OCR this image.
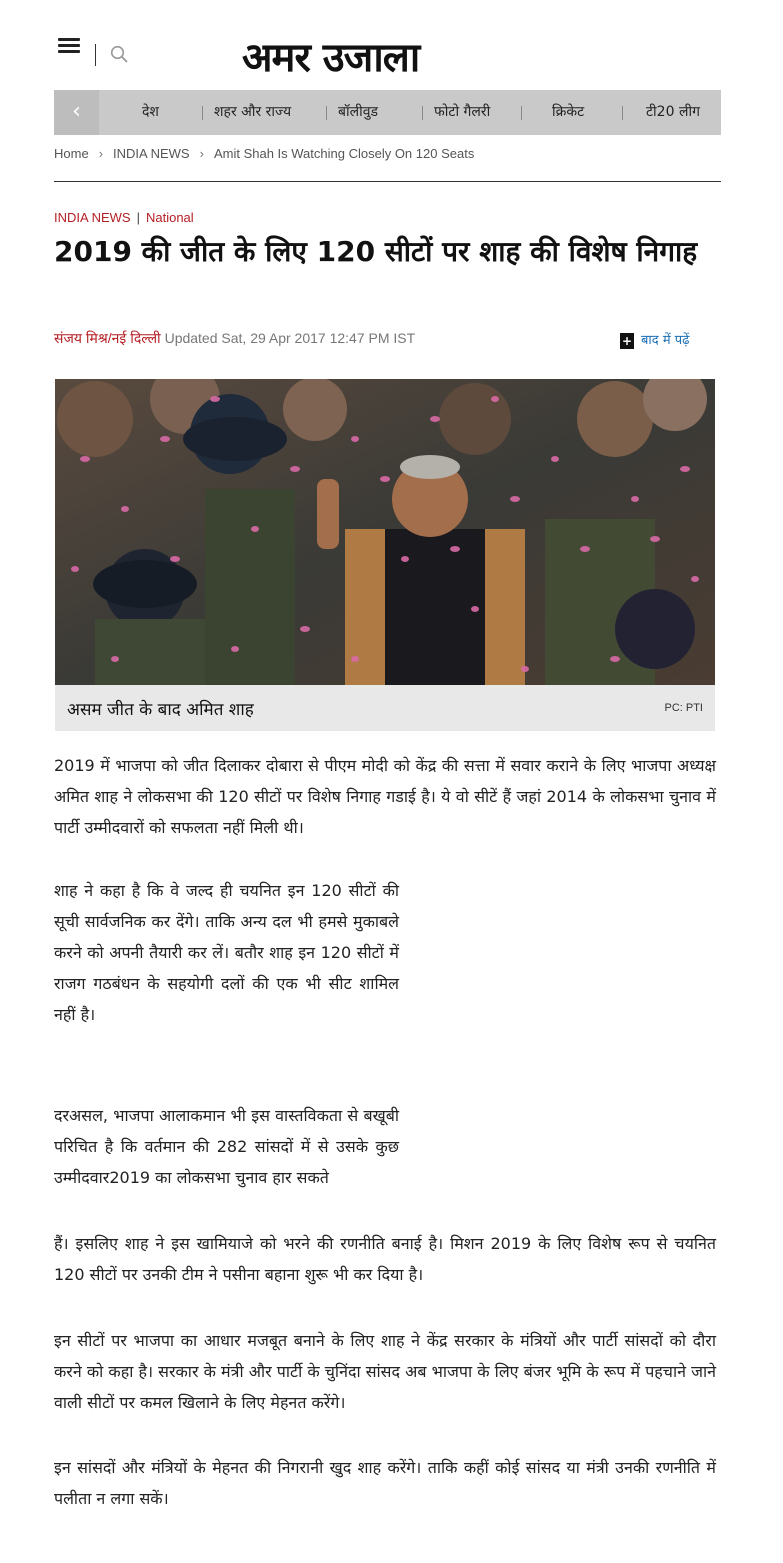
अमर उजाला
‹	देश	शहर और राज्य	बॉलीवुड	फोटो गैलरी	क्रिकेट	टी20 लीग
Home › INDIA NEWS › Amit Shah Is Watching Closely On 120 Seats
INDIA NEWS | National
2019 की जीत के लिए 120 सीटों पर शाह की विशेष निगाह
संजय मिश्र/नई दिल्ली Updated Sat, 29 Apr 2017 12:47 PM IST	+ बाद में पढ़ें
असम जीत के बाद अमित शाह	PC: PTI

2019 में भाजपा को जीत दिलाकर दोबारा से पीएम मोदी को केंद्र की सत्ता में सवार कराने के लिए भाजपा अध्यक्ष अमित शाह ने लोकसभा की 120 सीटों पर विशेष निगाह गडाई है। ये वो सीटें हैं जहां 2014 के लोकसभा चुनाव में पार्टी उम्मीदवारों को सफलता नहीं मिली थी।

शाह ने कहा है कि वे जल्द ही चयनित इन 120 सीटों की सूची सार्वजनिक कर देंगे। ताकि अन्य दल भी हमसे मुकाबले करने को अपनी तैयारी कर लें। बतौर शाह इन 120 सीटों में राजग गठबंधन के सहयोगी दलों की एक भी सीट शामिल नहीं है।

दरअसल, भाजपा आलाकमान भी इस वास्तविकता से बखूबी परिचित है कि वर्तमान की 282 सांसदों में से उसके कुछ उम्मीदवार2019 का लोकसभा चुनाव हार सकते

हैं। इसलिए शाह ने इस खामियाजे को भरने की रणनीति बनाई है। मिशन 2019 के लिए विशेष रूप से चयनित 120 सीटों पर उनकी टीम ने पसीना बहाना शुरू भी कर दिया है।

इन सीटों पर भाजपा का आधार मजबूत बनाने के लिए शाह ने केंद्र सरकार के मंत्रियों और पार्टी सांसदों को दौरा करने को कहा है। सरकार के मंत्री और पार्टी के चुनिंदा सांसद अब भाजपा के लिए बंजर भूमि के रूप में पहचाने जाने वाली सीटों पर कमल खिलाने के लिए मेहनत करेंगे।

इन सांसदों और मंत्रियों के मेहनत की निगरानी खुद शाह करेंगे। ताकि कहीं कोई सांसद या मंत्री उनकी रणनीति में पलीता न लगा सकें।
